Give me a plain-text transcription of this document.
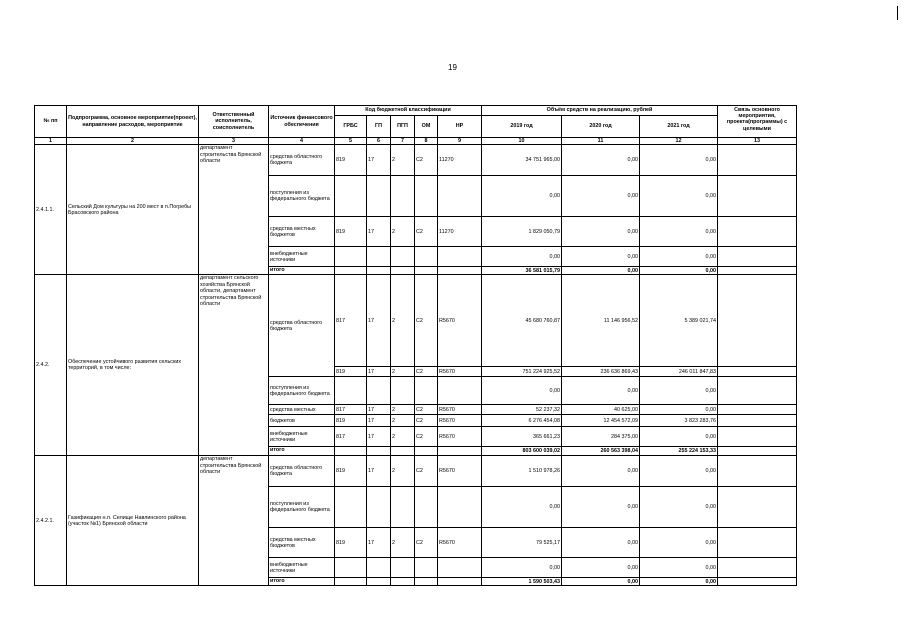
19
№ пп	Подпрограмма, основное мероприятие(проект), направление расходов, мероприятие	Ответственный исполнитель, соисполнитель	Источник финансового обеспечения	Код бюджетной классификации					Объём средств на реализацию, рублей			Связь основного мероприятия, проекта(программы) с целевыми

				ГРБС	ГП	ПГП	ОМ	НР	2019 год	2020 год	2021 год	
1	2	3	4	5	6	7	8	9	10	11	12	13
2.4.1.1.	Сельский Дом культуры на 200 мест в п.Погребы Брасовского района	департамент строительства Брянской области	средства областного бюджета	819	17	2	С2	11270	34 751 965,00	0,00	0,00	
			поступления из федерального бюджета						0,00	0,00	0,00	
			средства местных бюджетов	819	17	2	С2	11270	1 829 050,79	0,00	0,00	
			внебюджетные источники						0,00	0,00	0,00	
			итого						36 581 015,79	0,00	0,00	
2.4.2.	Обеспечение устойчивого развития сельских территорий, в том числе:	департамент сельского хозяйства Брянской области, департамент строительства Брянской области	средства областного бюджета	817	17	2	С2	R5670	45 680 760,87	11 146 956,52	5 389 021,74	
				819	17	2	С2	R5670	751 224 925,52	236 636 869,43	246 011 847,83	
			поступления из федерального бюджета						0,00	0,00	0,00	
			средства местных	817	17	2	С2	R5670	52 237,32	40 625,00	0,00	
			бюджетов	819	17	2	С2	R5670	6 276 454,08	12 454 572,09	3 823 283,76	
			внебюджетные источники	817	17	2	С2	R5670	365 661,23	284 375,00	0,00	
			итого						803 600 039,02	260 563 398,04	255 224 153,33	
2.4.2.1.	Газификация н.п. Селище Навлинского района (участок №1) Брянской области	департамент строительства Брянской области	средства областного бюджета	819	17	2	С2	R5670	1 510 978,26	0,00	0,00	
			поступления из федерального бюджета						0,00	0,00	0,00	
			средства местных бюджетов	819	17	2	С2	R5670	79 525,17	0,00	0,00	
			внебюджетные источники						0,00	0,00	0,00	
			итого						1 590 503,43	0,00	0,00	
